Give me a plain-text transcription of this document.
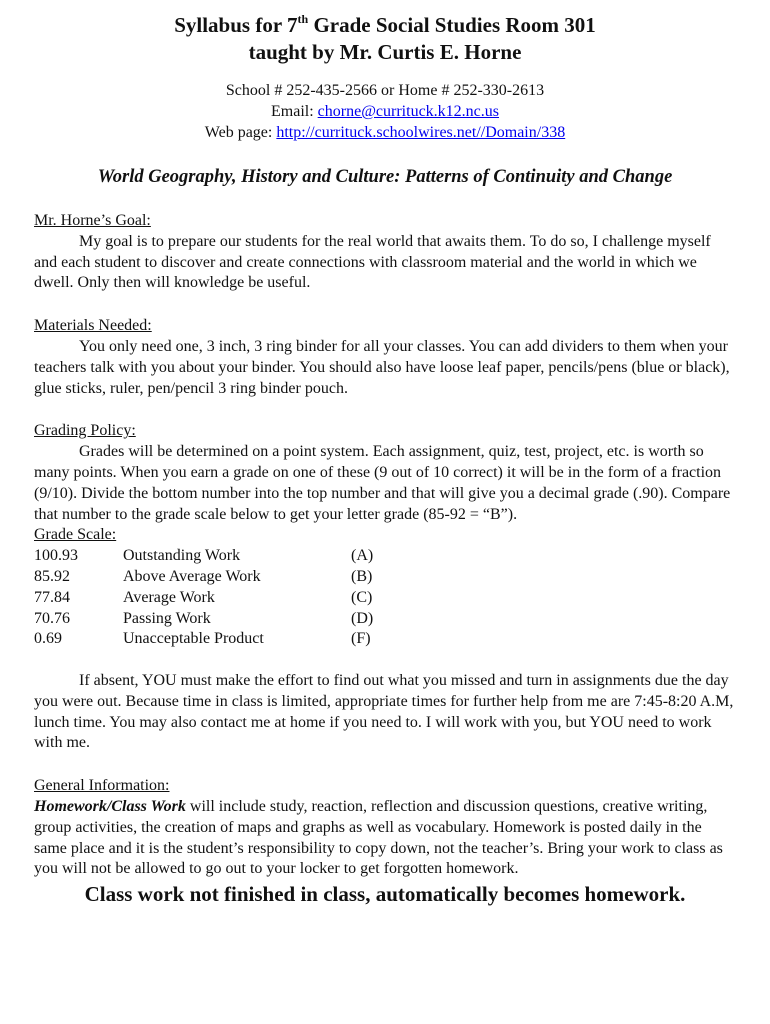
Syllabus for 7th Grade Social Studies Room 301

taught by Mr. Curtis E. Horne

School # 252-435-2566 or Home # 252-330-2613
Email: chorne@currituck.k12.nc.us
Web page: http://currituck.schoolwires.net//Domain/338
World Geography, History and Culture: Patterns of Continuity and Change
Mr. Horne’s Goal:

My goal is to prepare our students for the real world that awaits them. To do so, I challenge myself and each student to discover and create connections with classroom material and the world in which we dwell. Only then will knowledge be useful.

Materials Needed:

You only need one, 3 inch, 3 ring binder for all your classes. You can add dividers to them when your teachers talk with you about your binder. You should also have loose leaf paper, pencils/pens (blue or black), glue sticks, ruler, pen/pencil 3 ring binder pouch.

Grading Policy:

Grades will be determined on a point system. Each assignment, quiz, test, project, etc. is worth so many points. When you earn a grade on one of these (9 out of 10 correct) it will be in the form of a fraction (9/10). Divide the bottom number into the top number and that will give you a decimal grade (.90). Compare that number to the grade scale below to get your letter grade (85-92 = “B”).

Grade Scale:
100.93	Outstanding Work	(A)
85.92	Above Average Work	(B)
77.84	Average Work	(C)
70.76	Passing Work	(D)
0.69	Unacceptable Product	(F)

If absent, YOU must make the effort to find out what you missed and turn in assignments due the day you were out. Because time in class is limited, appropriate times for further help from me are 7:45-8:20 A.M, lunch time. You may also contact me at home if you need to. I will work with you, but YOU need to work with me.

General Information:

Homework/Class Work will include study, reaction, reflection and discussion questions, creative writing, group activities, the creation of maps and graphs as well as vocabulary. Homework is posted daily in the same place and it is the student’s responsibility to copy down, not the teacher’s. Bring your work to class as you will not be allowed to go out to your locker to get forgotten homework.

Class work not finished in class, automatically becomes homework.
